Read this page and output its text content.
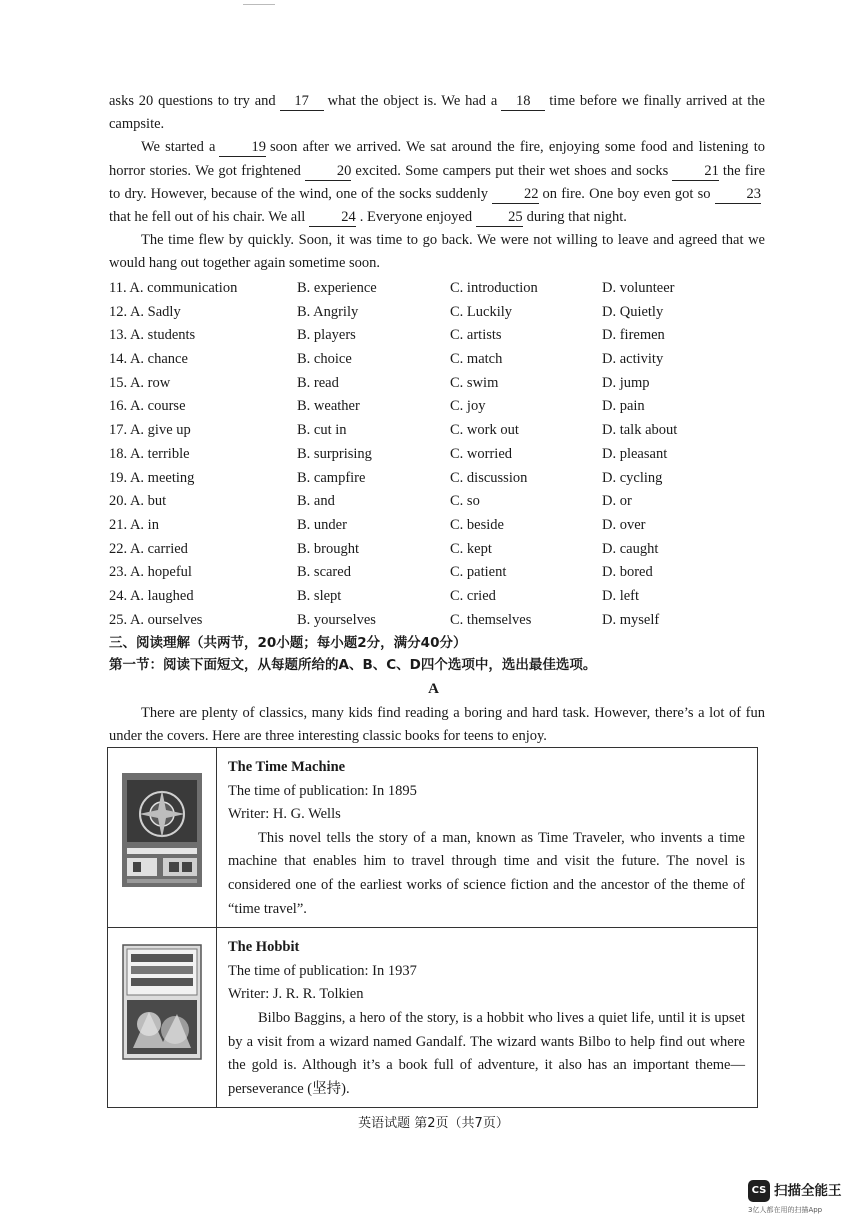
asks 20 questions to try and 17 what the object is. We had a 18 time before we finally arrived at the campsite.

We started a 19 soon after we arrived. We sat around the fire, enjoying some food and listening to horror stories. We got frightened 20 excited. Some campers put their wet shoes and socks 21 the fire to dry. However, because of the wind, one of the socks suddenly 22 on fire. One boy even got so 23that he fell out of his chair. We all 24 . Everyone enjoyed 25 during that night.

The time flew by quickly. Soon, it was time to go back. We were not willing to leave and agreed that we would hang out together again sometime soon.

11. A. communication	B. experience	C. introduction	D. volunteer
12. A. Sadly	B. Angrily	C. Luckily	D. Quietly
13. A. students	B. players	C. artists	D. firemen
14. A. chance	B. choice	C. match	D. activity
15. A. row	B. read	C. swim	D. jump
16. A. course	B. weather	C. joy	D. pain
17. A. give up	B. cut in	C. work out	D. talk about
18. A. terrible	B. surprising	C. worried	D. pleasant
19. A. meeting	B. campfire	C. discussion	D. cycling
20. A. but	B. and	C. so	D. or
21. A. in	B. under	C. beside	D. over
22. A. carried	B. brought	C. kept	D. caught
23. A. hopeful	B. scared	C. patient	D. bored
24. A. laughed	B. slept	C. cried	D. left
25. A. ourselves	B. yourselves	C. themselves	D. myself
三、阅读理解（共两节，20小题；每小题2分，满分40分）
第一节：阅读下面短文，从每题所给的A、B、C、D四个选项中，选出最佳选项。
A

There are plenty of classics, many kids find reading a boring and hard task. However, there’s a lot of fun under the covers. Here are three interesting classic books for teens to enjoy.

The Time Machine

The time of publication: In 1895

Writer: H. G. Wells

This novel tells the story of a man, known as Time Traveler, who invents a time machine that enables him to travel through time and visit the future. The novel is considered one of the earliest works of science fiction and the ancestor of the theme of “time travel”.

The Hobbit

The time of publication: In 1937

Writer: J. R. R. Tolkien

Bilbo Baggins, a hero of the story, is a hobbit who lives a quiet life, until it is upset by a visit from a wizard named Gandalf. The wizard wants Bilbo to help find out where the gold is. Although it’s a book full of adventure, it also has an important theme—perseverance (坚持).

英语试题 第2页（共7页）
CS 扫描全能王
3亿人都在用的扫描App
